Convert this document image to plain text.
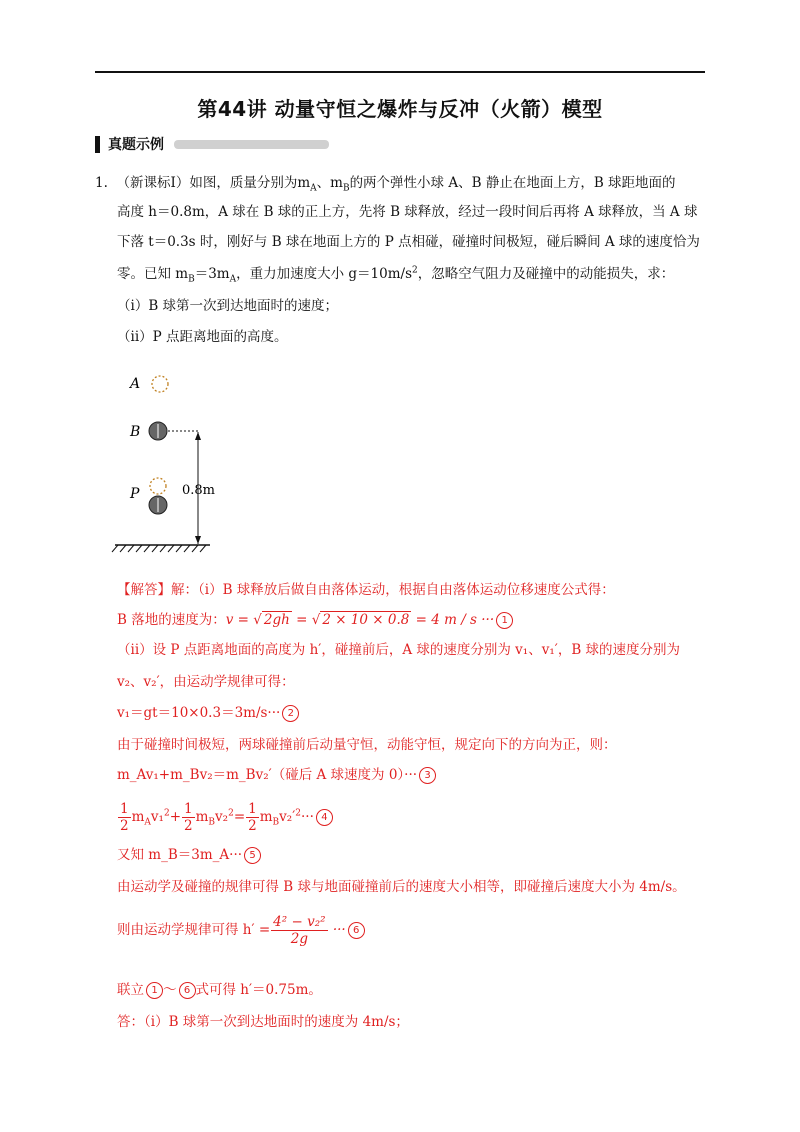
第44讲 动量守恒之爆炸与反冲（火箭）模型
真题示例
1. （新课标Ⅰ）如图，质量分别为$m_A$、$m_B$的两个弹性小球 A、B 静止在地面上方，B 球距地面的
高度 h＝0.8m，A 球在 B 球的正上方，先将 B 球释放，经过一段时间后再将 A 球释放，当 A 球
下落 t＝0.3s 时，刚好与 B 球在地面上方的 P 点相碰，碰撞时间极短，碰后瞬间 A 球的速度恰为
零。已知 $m_B=3m_A$，重力加速度大小 $g=10m/s^2$，忽略空气阻力及碰撞中的动能损失，求：
（i）B 球第一次到达地面时的速度；
（ii）P 点距离地面的高度。
A
B
P	0.8m
【解答】解：（i）B 球释放后做自由落体运动，根据自由落体运动位移速度公式得：
B 落地的速度为：v = √ 2gh = √ 2 × 10 × 0.8 = 4 m / s ··· 1
（ii）设 P 点距离地面的高度为 h′，碰撞前后，A 球的速度分别为 v₁、v₁′，B 球的速度分别为
v₂、v₂′，由运动学规律可得：
v₁＝gt＝10×0.3＝3m/s··· 2
由于碰撞时间极短，两球碰撞前后动量守恒，动能守恒，规定向下的方向为正，则：
m_Av₁+m_Bv₂＝m_Bv₂′（碰后 A 球速度为 0）··· 3
$\frac{1}{2} m_Av_1^2+ \frac{1}{2} m_Bv_2^2= \frac{1}{2} m_Bv_2'^2\cdot\cdot\cdot 4$
又知 m_B＝3m_A··· 5
由运动学及碰撞的规律可得 B 球与地面碰撞前后的速度大小相等，即碰撞后速度大小为 4m/s。
则由运动学规律可得 $h' = \frac{\text{4² − v₂²}}{2g}$ ··· 6
联立 1 ～ 6 式可得 h′＝0.75m。
答：（i）B 球第一次到达地面时的速度为 4m/s；
